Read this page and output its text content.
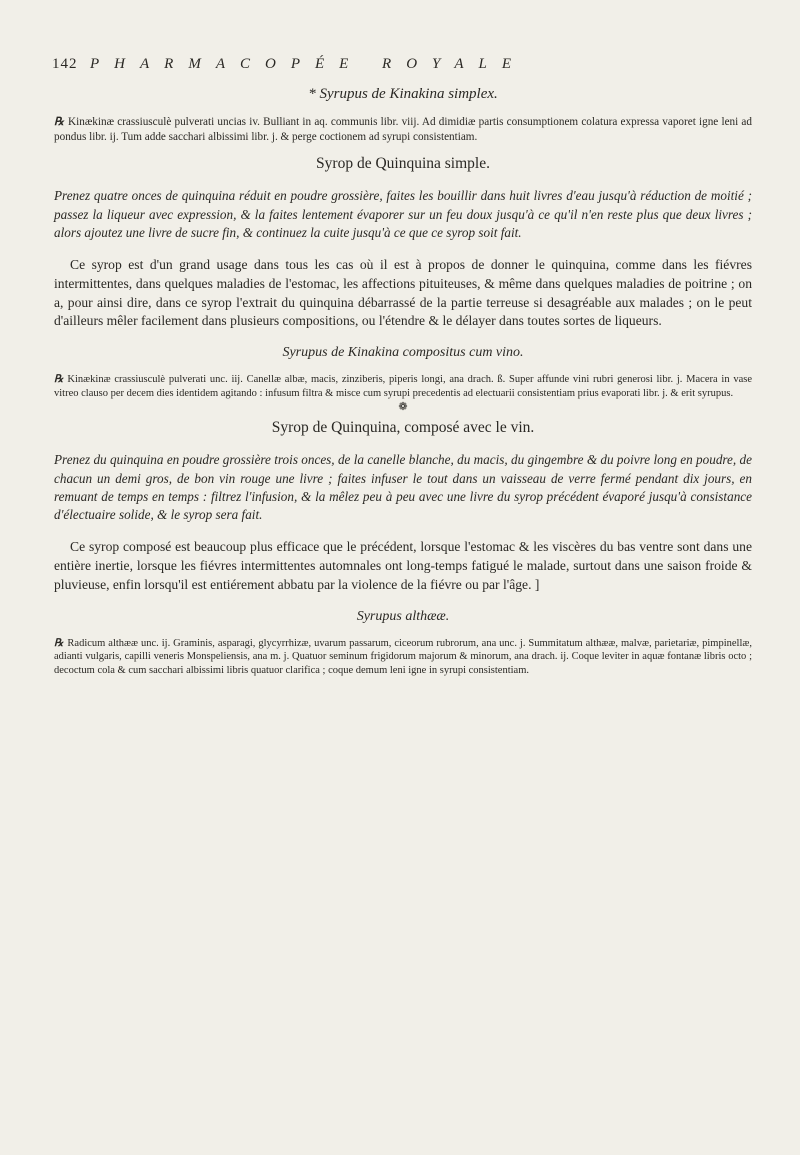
142 PHARMACOPÉE ROYALE

* Syrupus de Kinakina simplex.

℞ Kinækinæ crassiusculè pulverati uncias iv. Bulliant in aq. communis libr. viij. Ad dimidiæ partis consumptionem colatura expressa vaporet igne leni ad pondus libr. ij. Tum adde sacchari albissimi libr. j. & perge coctionem ad syrupi consistentiam.

Syrop de Quinquina simple.

Prenez quatre onces de quinquina réduit en poudre grossière, faites les bouillir dans huit livres d'eau jusqu'à réduction de moitié ; passez la liqueur avec expression, & la faites lentement évaporer sur un feu doux jusqu'à ce qu'il n'en reste plus que deux livres ; alors ajoutez une livre de sucre fin, & continuez la cuite jusqu'à ce que ce syrop soit fait.

Ce syrop est d'un grand usage dans tous les cas où il est à propos de donner le quinquina, comme dans les fiévres intermittentes, dans quelques maladies de l'estomac, les affections pituiteuses, & même dans quelques maladies de poitrine ; on a, pour ainsi dire, dans ce syrop l'extrait du quinquina débarrassé de la partie terreuse si desagréable aux malades ; on le peut d'ailleurs mêler facilement dans plusieurs compositions, ou l'étendre & le délayer dans toutes sortes de liqueurs.

Syrupus de Kinakina compositus cum vino.

℞ Kinækinæ crassiusculè pulverati unc. iij. Canellæ albæ, macis, zinziberis, piperis longi, ana drach. ß. Super affunde vini rubri generosi libr. j. Macera in vase vitreo clauso per decem dies identidem agitando : infusum filtra & misce cum syrupi precedentis ad electuarii consistentiam prius evaporati libr. j. & erit syrupus.

❁

Syrop de Quinquina, composé avec le vin.

Prenez du quinquina en poudre grossière trois onces, de la canelle blanche, du macis, du gingembre & du poivre long en poudre, de chacun un demi gros, de bon vin rouge une livre ; faites infuser le tout dans un vaisseau de verre fermé pendant dix jours, en remuant de temps en temps : filtrez l'infusion, & la mêlez peu à peu avec une livre du syrop précédent évaporé jusqu'à consistance d'électuaire solide, & le syrop sera fait.

Ce syrop composé est beaucoup plus efficace que le précédent, lorsque l'estomac & les viscères du bas ventre sont dans une entière inertie, lorsque les fiévres intermittentes automnales ont long-temps fatigué le malade, surtout dans une saison froide & pluvieuse, enfin lorsqu'il est entiérement abbatu par la violence de la fiévre ou par l'âge. ]

Syrupus althææ.

℞ Radicum althææ unc. ij. Graminis, asparagi, glycyrrhizæ, uvarum passarum, ciceorum rubrorum, ana unc. j. Summitatum althææ, malvæ, parietariæ, pimpinellæ, adianti vulgaris, capilli veneris Monspeliensis, ana m. j. Quatuor seminum frigidorum majorum & minorum, ana drach. ij. Coque leviter in aquæ fontanæ libris octo ; decoctum cola & cum sacchari albissimi libris quatuor clarifica ; coque demum leni igne in syrupi consistentiam.
